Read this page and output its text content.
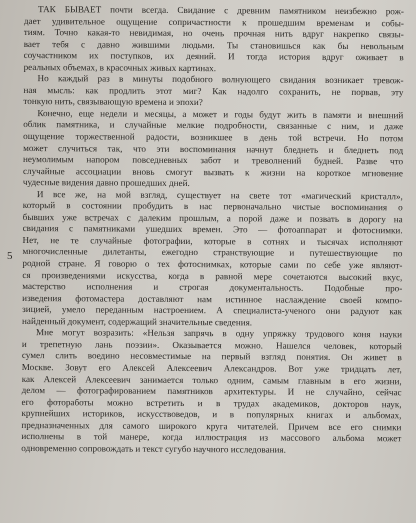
5

ТАК БЫВАЕТ почти всегда. Свидание с древним памятником неизбежно рож-

дает удивительное ощущение сопричастности к прошедшим временам и собы-

тиям. Точно какая-то невидимая, но очень прочная нить вдруг накрепко связы-

вает тебя с давно жившими людьми. Ты становишься как бы невольным

соучастником их поступков, их деяний. И тогда история вдруг оживает в

реальных объемах, в красочных живых картинах.

Но каждый раз в минуты подобного волнующего свидания возникает тревож-

ная мысль: как продлить этот миг? Как надолго сохранить, не порвав, эту

тонкую нить, связывающую времена и эпохи?

Конечно, еще недели и месяцы, а может и годы будут жить в памяти и внешний

облик памятника, и случайные мелкие подробности, связанные с ним, и даже

ощущение торжественной радости, возникшее в день той встречи. Но потом

может случиться так, что эти воспоминания начнут бледнеть и бледнеть под

неумолимым напором повседневных забот и треволнений будней. Разве что

случайные ассоциации вновь смогут вызвать к жизни на короткое мгновение

чудесные видения давно прошедших дней.

И все же, на мой взгляд, существует на свете тот «магический кристалл»,

который в состоянии пробудить в нас первоначально чистые воспоминания о

бывших уже встречах с далеким прошлым, а порой даже и позвать в дорогу на

свидания с памятниками ушедших времен. Это — фотоаппарат и фотоснимки.

Нет, не те случайные фотографии, которые в сотнях и тысячах исполняют

многочисленные дилетанты, ежегодно странствующие и путешествующие по

родной стране. Я говорю о тех фотоснимках, которые сами по себе уже являют-

ся произведениями искусства, когда в равной мере сочетаются высокий вкус,

мастерство исполнения и строгая документальность. Подобные про-

изведения фотомастера доставляют нам истинное наслаждение своей компо-

зицией, умело переданным настроением. А специалиста-ученого они радуют как

найденный документ, содержащий значительные сведения.

Мне могут возразить: «Нельзя запрячь в одну упряжку трудового коня науки

и трепетную лань поэзии». Оказывается можно. Нашелся человек, который

сумел слить воедино несовместимые на первый взгляд понятия. Он живет в

Москве. Зовут его Алексей Алексеевич Александров. Вот уже тридцать лет,

как Алексей Алексеевич занимается только одним, самым главным в его жизни,

делом — фотографированием памятников архитектуры. И не случайно, сейчас

его фотоработы можно встретить и в трудах академиков, докторов наук,

крупнейших историков, искусствоведов, и в популярных книгах и альбомах,

предназначенных для самого широкого круга читателей. Причем все его снимки

исполнены в той манере, когда иллюстрация из массового альбома может

одновременно сопровождать и текст сугубо научного исследования.
